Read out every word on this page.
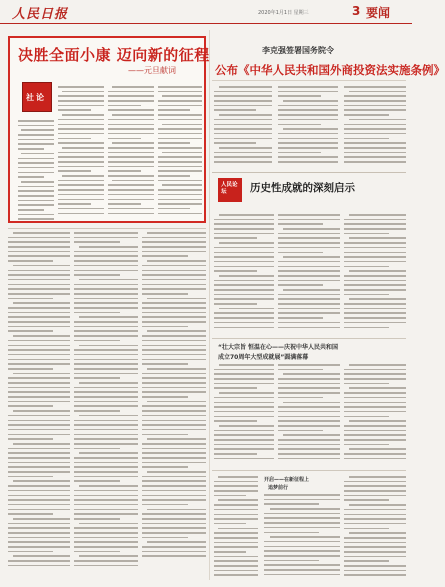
人民日报	2020年1月1日 星期三	3 要闻
决胜全面小康 迈向新的征程
——元旦献词
社论
李克强签署国务院令
公布《中华人民共和国外商投资法实施条例》
人民论坛	历史性成就的深刻启示
“壮大宗旨 恒温在心——庆祝中华人民共和国
成立70周年大型成就展”圆满落幕
开启——在新征程上
追梦前行
